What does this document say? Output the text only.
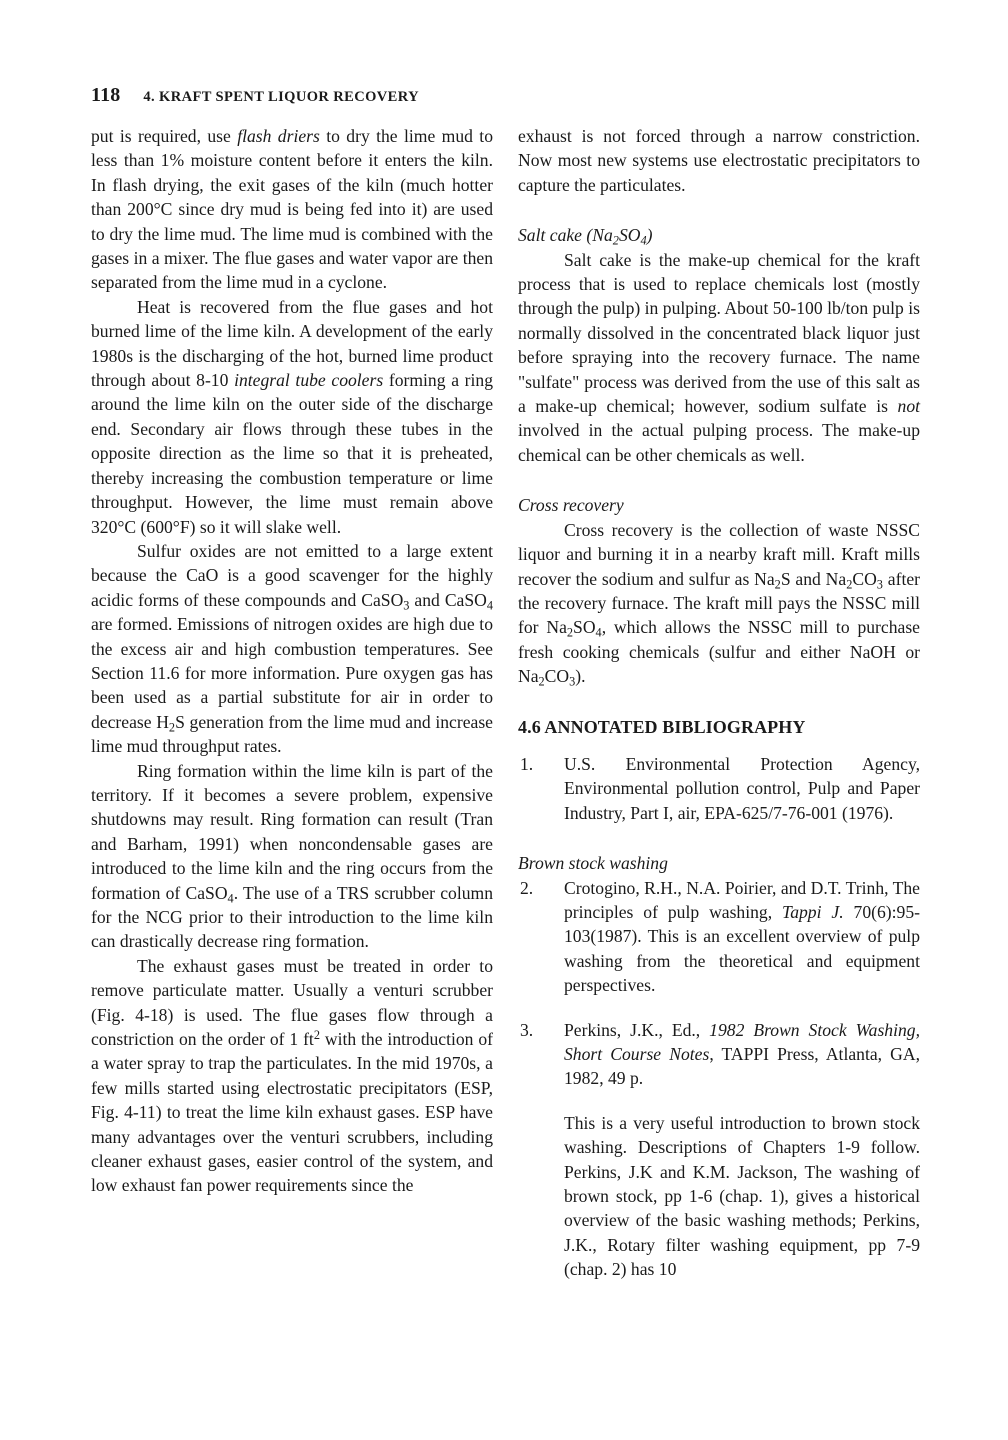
118 4. KRAFT SPENT LIQUOR RECOVERY

put is required, use flash driers to dry the lime mud to less than 1% moisture content before it enters the kiln. In flash drying, the exit gases of the kiln (much hotter than 200°C since dry mud is being fed into it) are used to dry the lime mud. The lime mud is combined with the gases in a mixer. The flue gases and water vapor are then separated from the lime mud in a cyclone.

Heat is recovered from the flue gases and hot burned lime of the lime kiln. A development of the early 1980s is the discharging of the hot, burned lime product through about 8-10 integral tube coolers forming a ring around the lime kiln on the outer side of the discharge end. Secondary air flows through these tubes in the opposite direction as the lime so that it is preheated, thereby increasing the combustion temperature or lime throughput. However, the lime must remain above 320°C (600°F) so it will slake well.

Sulfur oxides are not emitted to a large extent because the CaO is a good scavenger for the highly acidic forms of these compounds and CaSO$_3$ and CaSO$_4$ are formed. Emissions of nitrogen oxides are high due to the excess air and high combustion temperatures. See Section 11.6 for more information. Pure oxygen gas has been used as a partial substitute for air in order to decrease $H_2S$ generation from the lime mud and increase lime mud throughput rates.

Ring formation within the lime kiln is part of the territory. If it becomes a severe problem, expensive shutdowns may result. Ring formation can result (Tran and Barham, 1991) when noncondensable gases are introduced to the lime kiln and the ring occurs from the formation of CaSO$_4$. The use of a TRS scrubber column for the NCG prior to their introduction to the lime kiln can drastically decrease ring formation.

The exhaust gases must be treated in order to remove particulate matter. Usually a venturi scrubber (Fig. 4-18) is used. The flue gases flow through a constriction on the order of 1 $ft^2$ with the introduction of a water spray to trap the particulates. In the mid 1970s, a few mills started using electrostatic precipitators (ESP, Fig. 4-11) to treat the lime kiln exhaust gases. ESP have many advantages over the venturi scrubbers, including cleaner exhaust gases, easier control of the system, and low exhaust fan power requirements since the

exhaust is not forced through a narrow constriction. Now most new systems use electrostatic precipitators to capture the particulates.

Salt cake $(Na_2SO_4)$

Salt cake is the make-up chemical for the kraft process that is used to replace chemicals lost (mostly through the pulp) in pulping. About 50-100 lb/ton pulp is normally dissolved in the concentrated black liquor just before spraying into the recovery furnace. The name "sulfate" process was derived from the use of this salt as a make-up chemical; however, sodium sulfate is not involved in the actual pulping process. The make-up chemical can be other chemicals as well.

Cross recovery

Cross recovery is the collection of waste NSSC liquor and burning it in a nearby kraft mill. Kraft mills recover the sodium and sulfur as $Na_2S$ and $Na_2CO_3$ after the recovery furnace. The kraft mill pays the NSSC mill for $Na_2SO_4$, which allows the NSSC mill to purchase fresh cooking chemicals (sulfur and either NaOH or $Na_2CO_3$).

4.6 ANNOTATED BIBLIOGRAPHY

1.	U.S. Environmental Protection Agency, Environmental pollution control, Pulp and Paper Industry, Part I, air, EPA-625/7-76-001 (1976).

Brown stock washing

2.	Crotogino, R.H., N.A. Poirier, and D.T. Trinh, The principles of pulp washing, Tappi J. 70(6):95-103(1987). This is an excellent overview of pulp washing from the theoretical and equipment perspectives.

3.	Perkins, J.K., Ed., 1982 Brown Stock Washing, Short Course Notes, TAPPI Press, Atlanta, GA, 1982, 49 p.

This is a very useful introduction to brown stock washing. Descriptions of Chapters 1-9 follow. Perkins, J.K and K.M. Jackson, The washing of brown stock, pp 1-6 (chap. 1), gives a historical overview of the basic washing methods; Perkins, J.K., Rotary filter washing equipment, pp 7-9 (chap. 2) has 10
